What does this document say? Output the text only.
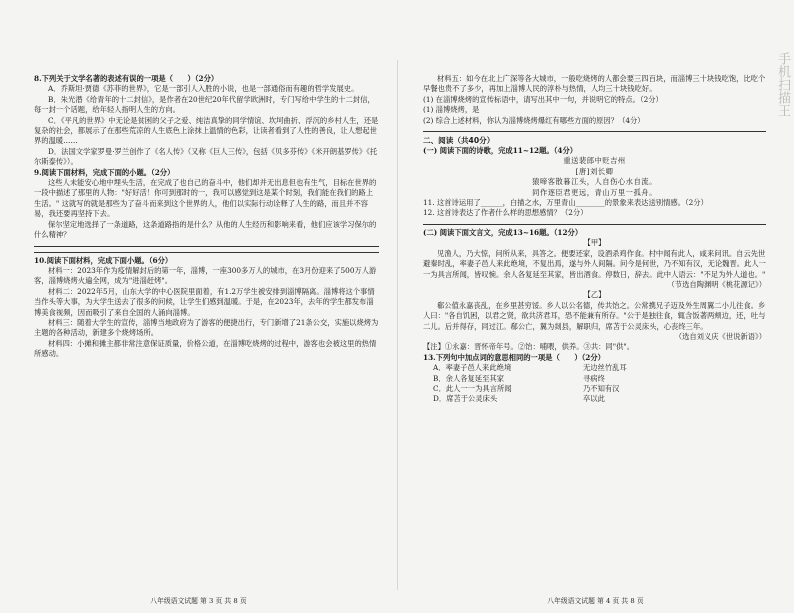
8.下列关于文学名著的表述有误的一项是（　　）（2分）

A．乔斯坦·贾德《苏菲的世界》，它是一部引人入胜的小说，也是一部通俗而有趣的哲学发展史。

B．朱光潜《给青年的十二封信》，是作者在20世纪20年代留学欧洲时，专门写给中学生的十二封信，每一封一个话题，给年轻人指明人生的方向。

C．《平凡的世界》中无论是贫困的父子之爱、纯洁真挚的同学情谊、坎坷曲折、浮沉的乡村人生，还是复杂的社会，都展示了在那些荒凉的人生底色上涂抹上温情的色彩，让读者看到了人性的善良，让人想起世界的温暖……

D．法国文学家罗曼·罗兰创作了《名人传》（又称《巨人三传》，包括《贝多芬传》《米开朗基罗传》《托尔斯泰传》）。

9.阅读下面材料，完成下面的小题。（2分）

这些人未能安心地中埋头生活，在完成了也自己的奋斗中，他们却并无出息但也有生气，目标在世界的一段中描述了那里的人物："好好活！你可到那时的一，我可以感觉到这是某个时刻，我们能在我们的路上生活。" 这就写的就是那些为了奋斗而来到这个世界的人，他们以实际行动诠释了人生的路，而且并不容易，我还要再坚持下去。

保尔坚定地选择了一条道路，这条道路指的是什么？从他的人生经历和影响来看，他们应该学习保尔的什么精神？

10.阅读下面材料，完成下面小题。（6分）

材料一：2023年作为疫情解封后的第一年，淄博，一座300多万人的城市，在3月份迎来了500万人游客，淄博烧烤火遍全网，成为"进淄赶烤"。

材料二：2022年5月，山东大学的中心医院里面着，有1.2万学生被安排到淄博隔离。淄博将这个事情当作头等大事，为大学生送去了很多的问候，让学生们感到温暖。于是，在2023年，去年的学生都发布淄博美食视频，因而吸引了来自全国的人涌向淄博。

材料三：随着大学生的宣传，淄博当地政府为了游客的便捷出行，专门新增了21条公交，实施以烧烤为主题的各种活动，新建多个烧烤场所。

材料四：小摊和摊主都非常注意保证质量，价格公道，在淄博吃烧烤的过程中，游客也会被这里的热情所感动。

八年级语文试题 第 3 页 共 8 页

材料五：如今在北上广深等各大城市，一般吃烧烤的人都会要三四百块，而淄博三十块钱吃饱，比吃个早餐也贵不了多少，再加上淄博人民的淳朴与热情，人均三十块钱吃好。

(1) 在淄博烧烤的宣传标语中，请写出其中一句，并说明它的特点。（2分）

(1) 淄博烧烤，是

(2) 综合上述材料，你认为淄博烧烤爆红有哪些方面的原因？（4分）

二、阅读（共40分）

(一) 阅读下面的诗歌，完成11~12题。（4分）

重送裴郎中贬吉州

[唐]刘长卿

猿啼客散暮江头，人自伤心水自流。

同作逐臣君更远，青山万里一孤舟。

11. 这首诗运用了______，白描之水，万里青山________的景象来表达送别情感。（2分）

12. 这首诗表达了作者什么样的思想感情？（2分）

(二) 阅读下面文言文，完成13~16题。（12分）

【甲】

见渔人，乃大惊，问所从来，具答之。便要还家，设酒杀鸡作食。村中闻有此人，咸来问讯。自云先世避秦时乱，率妻子邑人来此绝境，不复出焉，遂与外人间隔。问今是何世，乃不知有汉，无论魏晋。此人一一为具言所闻，皆叹惋。余人各复延至其家，皆出酒食。停数日，辞去。此中人语云："不足为外人道也。"

（节选自陶渊明《桃花源记》）

【乙】

郗公值永嘉丧乱，在乡里甚穷馁。乡人以公名德，传共饴之。公常携兄子迈及外生周翼二小儿往食。乡人曰："各自饥困，以君之贤，欲共济君耳，恐不能兼有所存。"公于是独往食，辄含饭著两颊边，还，吐与二儿。后并得存，同过江。郗公亡，翼为剡县，解职归，席苫于公灵床头，心丧终三年。

（选自刘义庆《世说新语》）

【注】①永嘉：晋怀帝年号。②饴：哺喂，供养。③共：同"供"。

13.下列句中加点词的意思相同的一项是（　　）（2分）

A．率妻子邑人来此绝境	无边丝竹乱耳
B．余人各复延至其家	寻病终
C．此人一一为具言所闻	乃不知有汉
D．席苫于公灵床头	卒以此
手机扫描王
八年级语文试题 第 4 页 共 8 页
